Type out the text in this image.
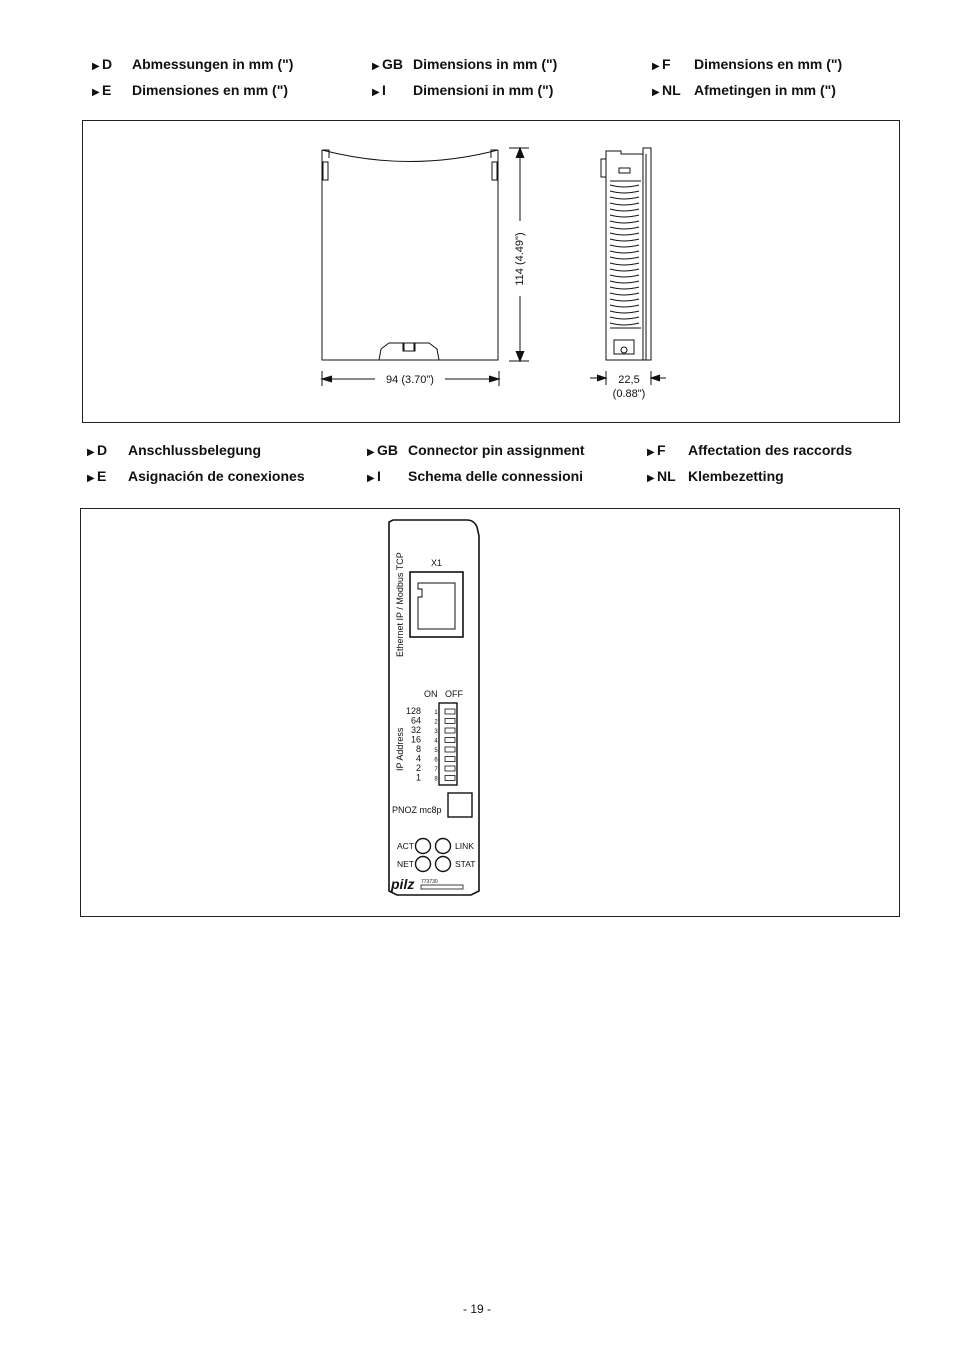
▶ D Abmessungen in mm (")	▶ GB Dimensions in mm (")	▶ F Dimensions en mm (")
▶ E Dimensiones en mm (")	▶ I Dimensioni in mm (")	▶ NL Afmetingen in mm (")
94 (3.70")
114 (4.49")
22,5
(0.88")
▶ D Anschlussbelegung	▶ GB Connector pin assignment	▶ F Affectation des raccords
▶ E Asignación de conexiones	▶ I Schema delle connessioni	▶ NL Klembezetting
Ethernet IP / Modbus TCP	X1
ON OFF
IP Address
128
64
32
16
8
4
2
1
1
2
3
4
5
6
7
8
PNOZ mc8p
ACT	LINK
NET	STAT
pilz 773730
- 19 -
